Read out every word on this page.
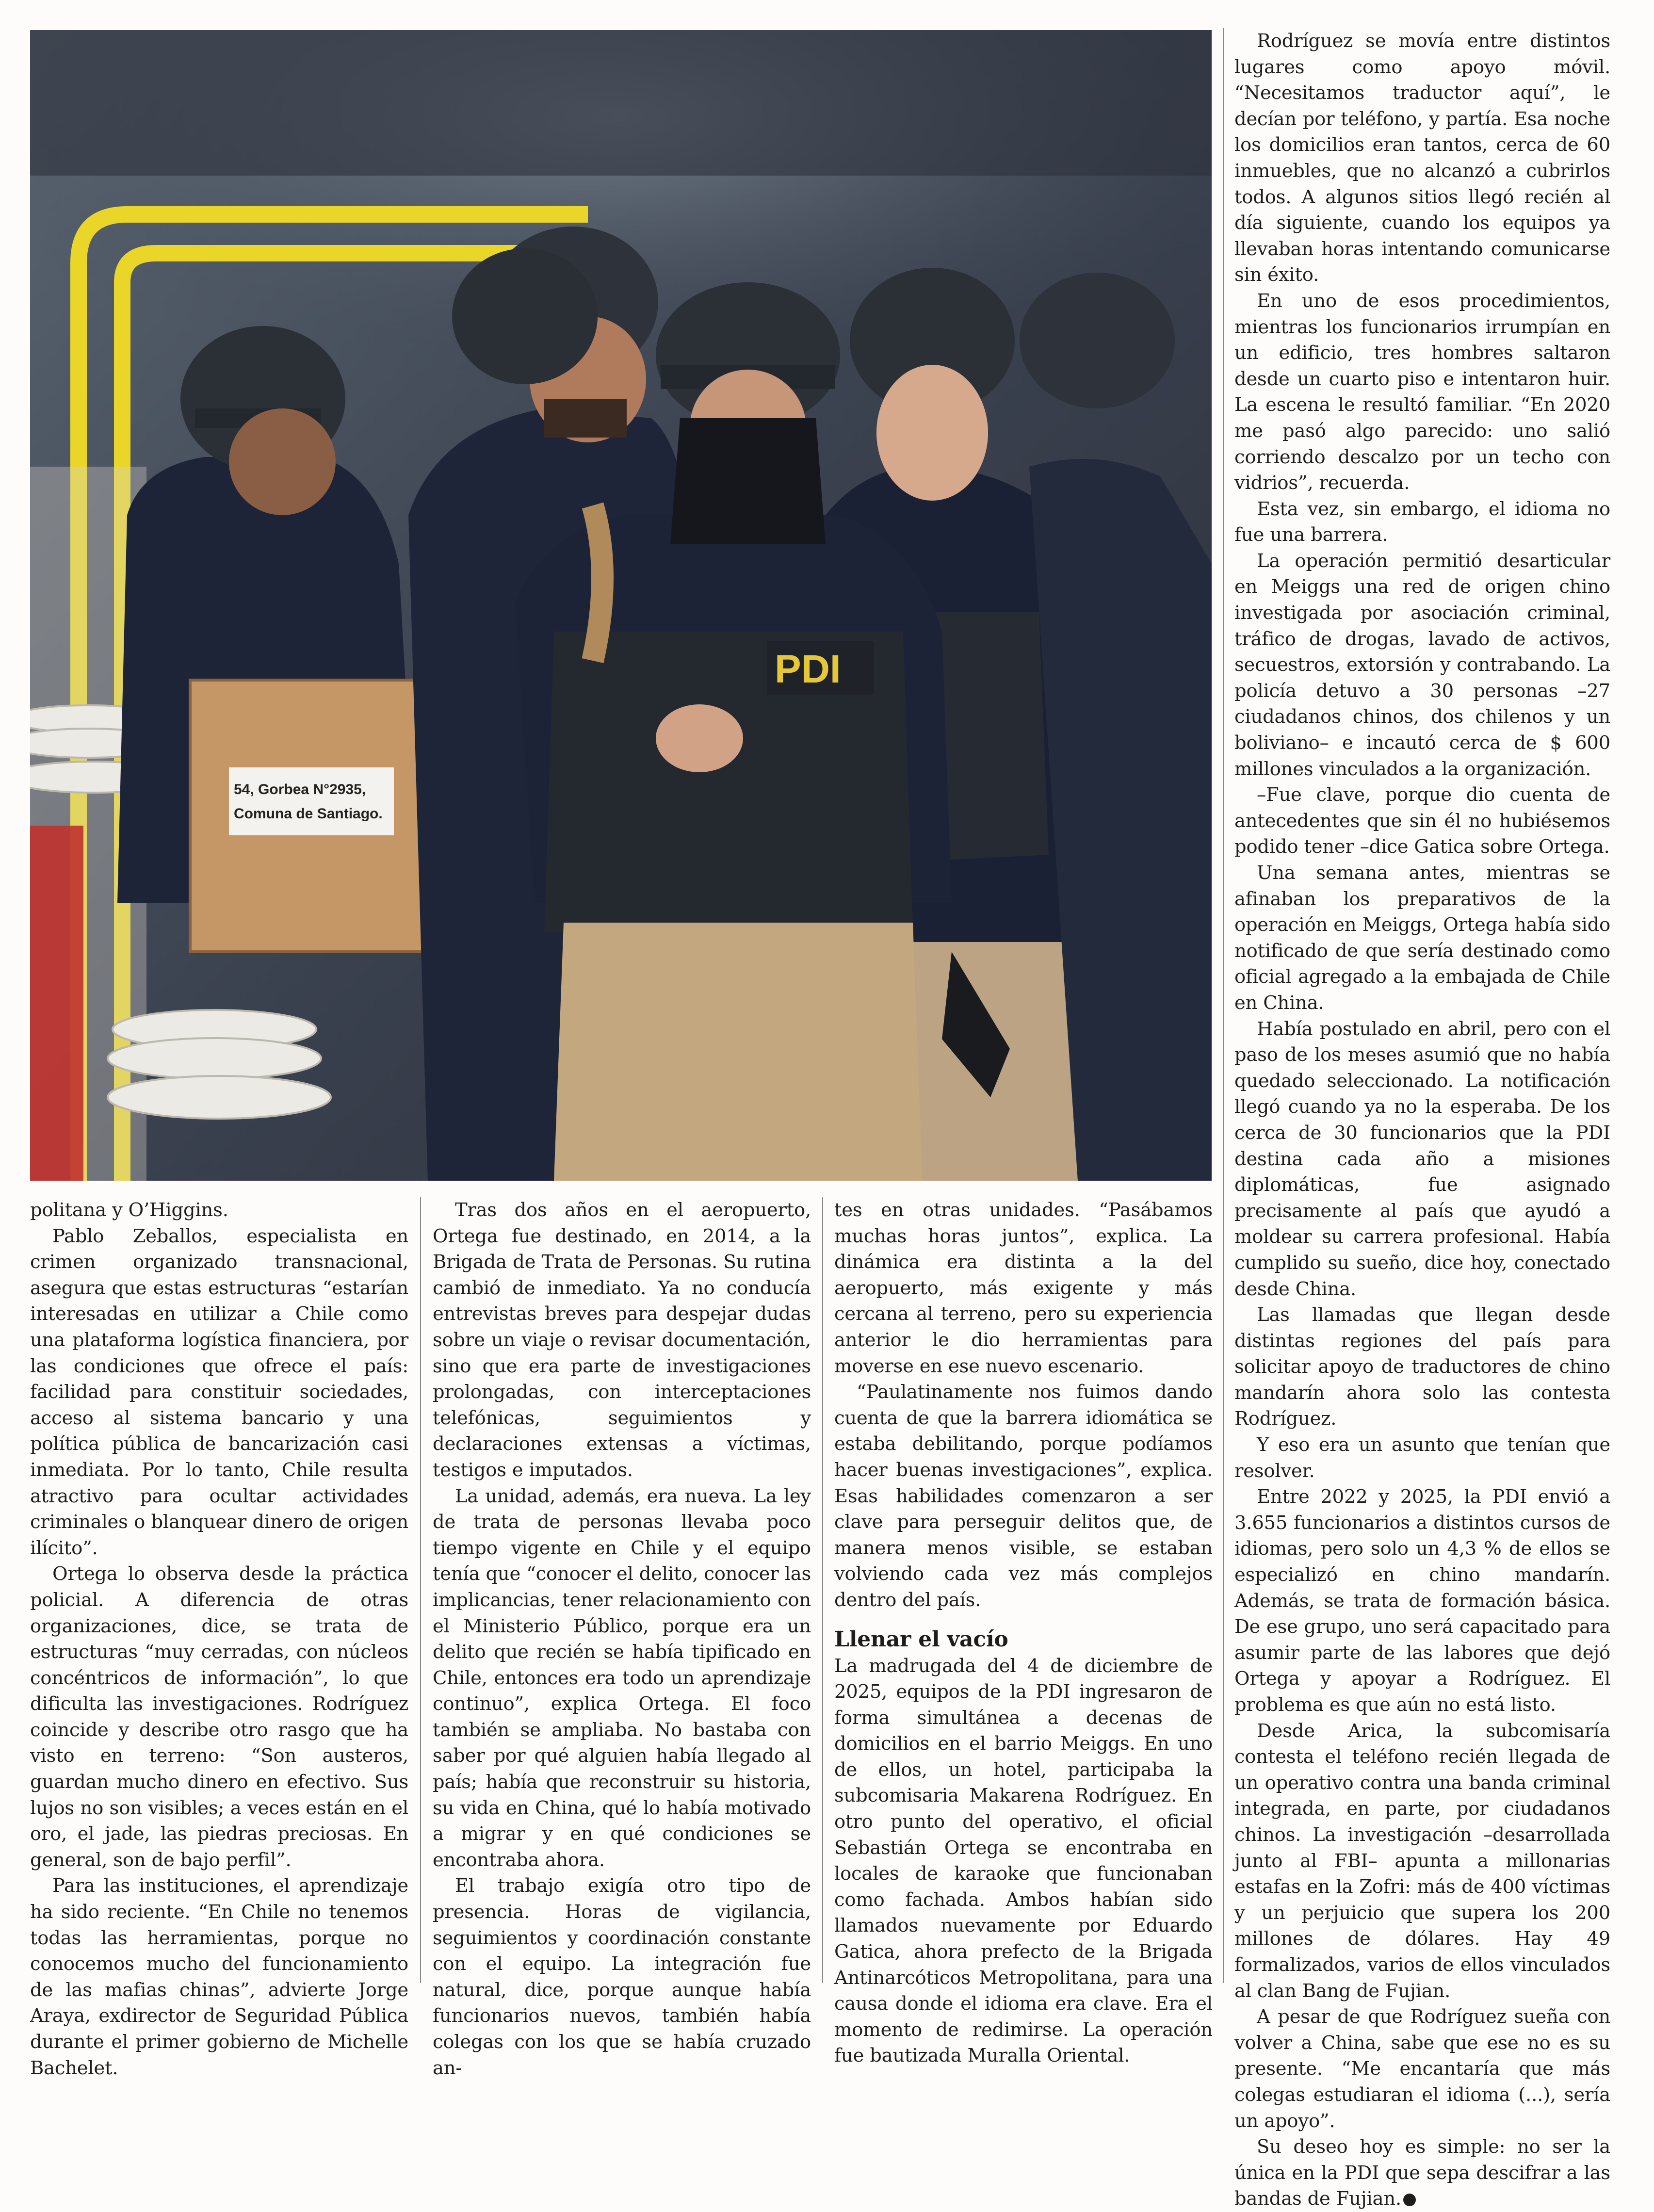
54, Gorbea N°2935,
Comuna de Santiago.
PDI

politana y O’Higgins.

Pablo Zeballos, especialista en crimen organizado transnacional, asegura que estas estructuras “estarían interesadas en utilizar a Chile como una plataforma logística financiera, por las condiciones que ofrece el país: facilidad para constituir sociedades, acceso al sistema bancario y una política pública de bancarización casi inmediata. Por lo tanto, Chile resulta atractivo para ocultar actividades criminales o blanquear dinero de origen ilícito”.

Ortega lo observa desde la práctica policial. A diferencia de otras organizaciones, dice, se trata de estructuras “muy cerradas, con núcleos concéntricos de información”, lo que dificulta las investigaciones. Rodríguez coincide y describe otro rasgo que ha visto en terreno: “Son austeros, guardan mucho dinero en efectivo. Sus lujos no son visibles; a veces están en el oro, el jade, las piedras preciosas. En general, son de bajo perfil”.

Para las instituciones, el aprendizaje ha sido reciente. “En Chile no tenemos todas las herramientas, porque no conocemos mucho del funcionamiento de las mafias chinas”, advierte Jorge Araya, exdirector de Seguridad Pública durante el primer gobierno de Michelle Bachelet.

Tras dos años en el aeropuerto, Ortega fue destinado, en 2014, a la Brigada de Trata de Personas. Su rutina cambió de inmediato. Ya no conducía entrevistas breves para despejar dudas sobre un viaje o revisar documentación, sino que era parte de investigaciones prolongadas, con interceptaciones telefónicas, seguimientos y declaraciones extensas a víctimas, testigos e imputados.

La unidad, además, era nueva. La ley de trata de personas llevaba poco tiempo vigente en Chile y el equipo tenía que “conocer el delito, conocer las implicancias, tener relacionamiento con el Ministerio Público, porque era un delito que recién se había tipificado en Chile, entonces era todo un aprendizaje continuo”, explica Ortega. El foco también se ampliaba. No bastaba con saber por qué alguien había llegado al país; había que reconstruir su historia, su vida en China, qué lo había motivado a migrar y en qué condiciones se encontraba ahora.

El trabajo exigía otro tipo de presencia. Horas de vigilancia, seguimientos y coordinación constante con el equipo. La integración fue natural, dice, porque aunque había funcionarios nuevos, también había colegas con los que se había cruzado an-

tes en otras unidades. “Pasábamos muchas horas juntos”, explica. La dinámica era distinta a la del aeropuerto, más exigente y más cercana al terreno, pero su experiencia anterior le dio herramientas para moverse en ese nuevo escenario.

“Paulatinamente nos fuimos dando cuenta de que la barrera idiomática se estaba debilitando, porque podíamos hacer buenas investigaciones”, explica. Esas habilidades comenzaron a ser clave para perseguir delitos que, de manera menos visible, se estaban volviendo cada vez más complejos dentro del país.

Llenar el vacío

La madrugada del 4 de diciembre de 2025, equipos de la PDI ingresaron de forma simultánea a decenas de domicilios en el barrio Meiggs. En uno de ellos, un hotel, participaba la subcomisaria Makarena Rodríguez. En otro punto del operativo, el oficial Sebastián Ortega se encontraba en locales de karaoke que funcionaban como fachada. Ambos habían sido llamados nuevamente por Eduardo Gatica, ahora prefecto de la Brigada Antinarcóticos Metropolitana, para una causa donde el idioma era clave. Era el momento de redimirse. La operación fue bautizada Muralla Oriental.

Rodríguez se movía entre distintos lugares como apoyo móvil. “Necesitamos traductor aquí”, le decían por teléfono, y partía. Esa noche los domicilios eran tantos, cerca de 60 inmuebles, que no alcanzó a cubrirlos todos. A algunos sitios llegó recién al día siguiente, cuando los equipos ya llevaban horas intentando comunicarse sin éxito.

En uno de esos procedimientos, mientras los funcionarios irrumpían en un edificio, tres hombres saltaron desde un cuarto piso e intentaron huir. La escena le resultó familiar. “En 2020 me pasó algo parecido: uno salió corriendo descalzo por un techo con vidrios”, recuerda.

Esta vez, sin embargo, el idioma no fue una barrera.

La operación permitió desarticular en Meiggs una red de origen chino investigada por asociación criminal, tráfico de drogas, lavado de activos, secuestros, extorsión y contrabando. La policía detuvo a 30 personas –27 ciudadanos chinos, dos chilenos y un boliviano– e incautó cerca de $ 600 millones vinculados a la organización.

–Fue clave, porque dio cuenta de antecedentes que sin él no hubiésemos podido tener –dice Gatica sobre Ortega.

Una semana antes, mientras se afinaban los preparativos de la operación en Meiggs, Ortega había sido notificado de que sería destinado como oficial agregado a la embajada de Chile en China.

Había postulado en abril, pero con el paso de los meses asumió que no había quedado seleccionado. La notificación llegó cuando ya no la esperaba. De los cerca de 30 funcionarios que la PDI destina cada año a misiones diplomáticas, fue asignado precisamente al país que ayudó a moldear su carrera profesional. Había cumplido su sueño, dice hoy, conectado desde China.

Las llamadas que llegan desde distintas regiones del país para solicitar apoyo de traductores de chino mandarín ahora solo las contesta Rodríguez.

Y eso era un asunto que tenían que resolver.

Entre 2022 y 2025, la PDI envió a 3.655 funcionarios a distintos cursos de idiomas, pero solo un 4,3 % de ellos se especializó en chino mandarín. Además, se trata de formación básica. De ese grupo, uno será capacitado para asumir parte de las labores que dejó Ortega y apoyar a Rodríguez. El problema es que aún no está listo.

Desde Arica, la subcomisaría contesta el teléfono recién llegada de un operativo contra una banda criminal integrada, en parte, por ciudadanos chinos. La investigación –desarrollada junto al FBI– apunta a millonarias estafas en la Zofri: más de 400 víctimas y un perjuicio que supera los 200 millones de dólares. Hay 49 formalizados, varios de ellos vinculados al clan Bang de Fujian.

A pesar de que Rodríguez sueña con volver a China, sabe que ese no es su presente. “Me encantaría que más colegas estudiaran el idioma (...), sería un apoyo”.

Su deseo hoy es simple: no ser la única en la PDI que sepa descifrar a las bandas de Fujian.
